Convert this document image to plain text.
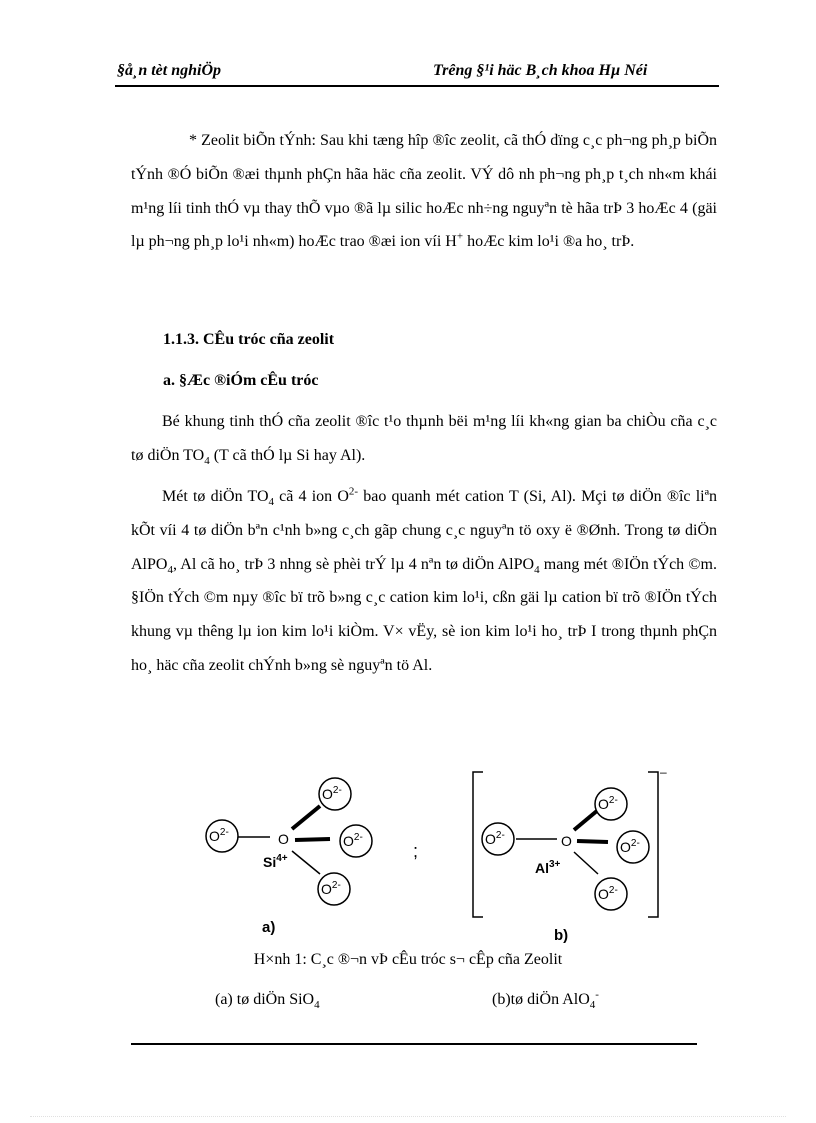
§å¸n tèt nghiÖp	Trêng §¹i häc B¸ch khoa Hµ Néi
* Zeolit biÕn tÝnh: Sau khi tæng hîp ®îc zeolit, cã thÓ dïng c¸c ph¬ng ph¸p biÕn tÝnh ®Ó biÕn ®æi thµnh phÇn hãa häc cña zeolit. VÝ dô nh ph¬ng ph¸p t¸ch nh«m khái m¹ng líi tinh thÓ vµ thay thÕ vµo ®ã lµ silic hoÆc nh÷ng nguyªn tè hãa trÞ 3 hoÆc 4 (gäi lµ ph¬ng ph¸p lo¹i nh«m) hoÆc trao ®æi ion víi H+ hoÆc kim lo¹i ®a ho¸ trÞ.
1.1.3. CÊu tróc cña zeolit
a. §Æc ®iÓm cÊu tróc
Bé khung tinh thÓ cña zeolit ®îc t¹o thµnh bëi m¹ng líi kh«ng gian ba chiÒu cña c¸c tø diÖn $TO_4$ (T cã thÓ lµ Si hay Al).
Mét tø diÖn $TO_4$ cã 4 ion $O^{2-}$ bao quanh mét cation T (Si, Al). Mçi tø diÖn ®îc liªn kÕt víi 4 tø diÖn bªn c¹nh b»ng c¸ch gãp chung c¸c nguyªn tö oxy ë ®Ønh. Trong tø diÖn AlPO$_4$, Al cã ho¸ trÞ 3 nhng sè phèi trÝ lµ 4 nªn tø diÖn AlPO$_4$ mang mét ®IÖn tÝch ©m. §IÖn tÝch ©m nµy ®îc bï trõ b»ng c¸c cation kim lo¹i, cßn gäi lµ cation bï trõ ®IÖn tÝch khung vµ thêng lµ ion kim lo¹i kiÒm. V× vËy, sè ion kim lo¹i ho¸ trÞ I trong thµnh phÇn ho¸ häc cña zeolit chÝnh b»ng sè nguyªn tö Al.
$O^{2-}$
$O^{2-}$
$O^{2-}$
$O^{2-}$
O
$Si^{4+}$	;
$O^{2-}$
$O^{2-}$
$O^{2-}$
$O^{2-}$
O
$Al^{3+}$
–
a)	b)
H×nh 1: C¸c ®¬n vÞ cÊu tróc s¬ cÊp cña Zeolit
(a) tø diÖn SiO$_4$	(b)tø diÖn AlO$_4$-
